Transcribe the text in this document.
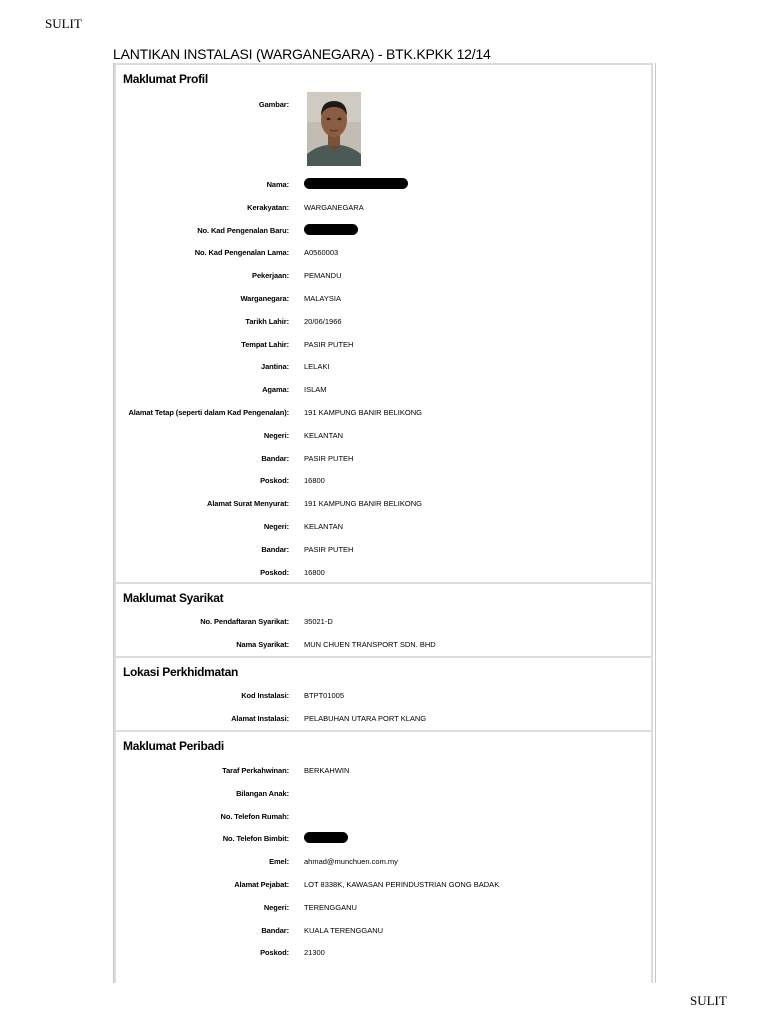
SULIT
LANTIKAN INSTALASI (WARGANEGARA) - BTK.KPKK 12/14
Maklumat Profil
Gambar:
Nama:
Kerakyatan: WARGANEGARA
No. Kad Pengenalan Baru:
No. Kad Pengenalan Lama: A0560003
Pekerjaan: PEMANDU
Warganegara: MALAYSIA
Tarikh Lahir: 20/06/1966
Tempat Lahir: PASIR PUTEH
Jantina: LELAKI
Agama: ISLAM
Alamat Tetap (seperti dalam Kad Pengenalan): 191 KAMPUNG BANIR BELIKONG
Negeri: KELANTAN
Bandar: PASIR PUTEH
Poskod: 16800
Alamat Surat Menyurat: 191 KAMPUNG BANIR BELIKONG
Negeri: KELANTAN
Bandar: PASIR PUTEH
Poskod: 16800
Maklumat Syarikat
No. Pendaftaran Syarikat: 35021-D
Nama Syarikat: MUN CHUEN TRANSPORT SDN. BHD
Lokasi Perkhidmatan
Kod Instalasi: BTPT01005
Alamat Instalasi: PELABUHAN UTARA PORT KLANG
Maklumat Peribadi
Taraf Perkahwinan: BERKAHWIN
Bilangan Anak:
No. Telefon Rumah:
No. Telefon Bimbit:
Emel: ahmad@munchuen.com.my
Alamat Pejabat: LOT 8338K, KAWASAN PERINDUSTRIAN GONG BADAK
Negeri: TERENGGANU
Bandar: KUALA TERENGGANU
Poskod: 21300
SULIT
